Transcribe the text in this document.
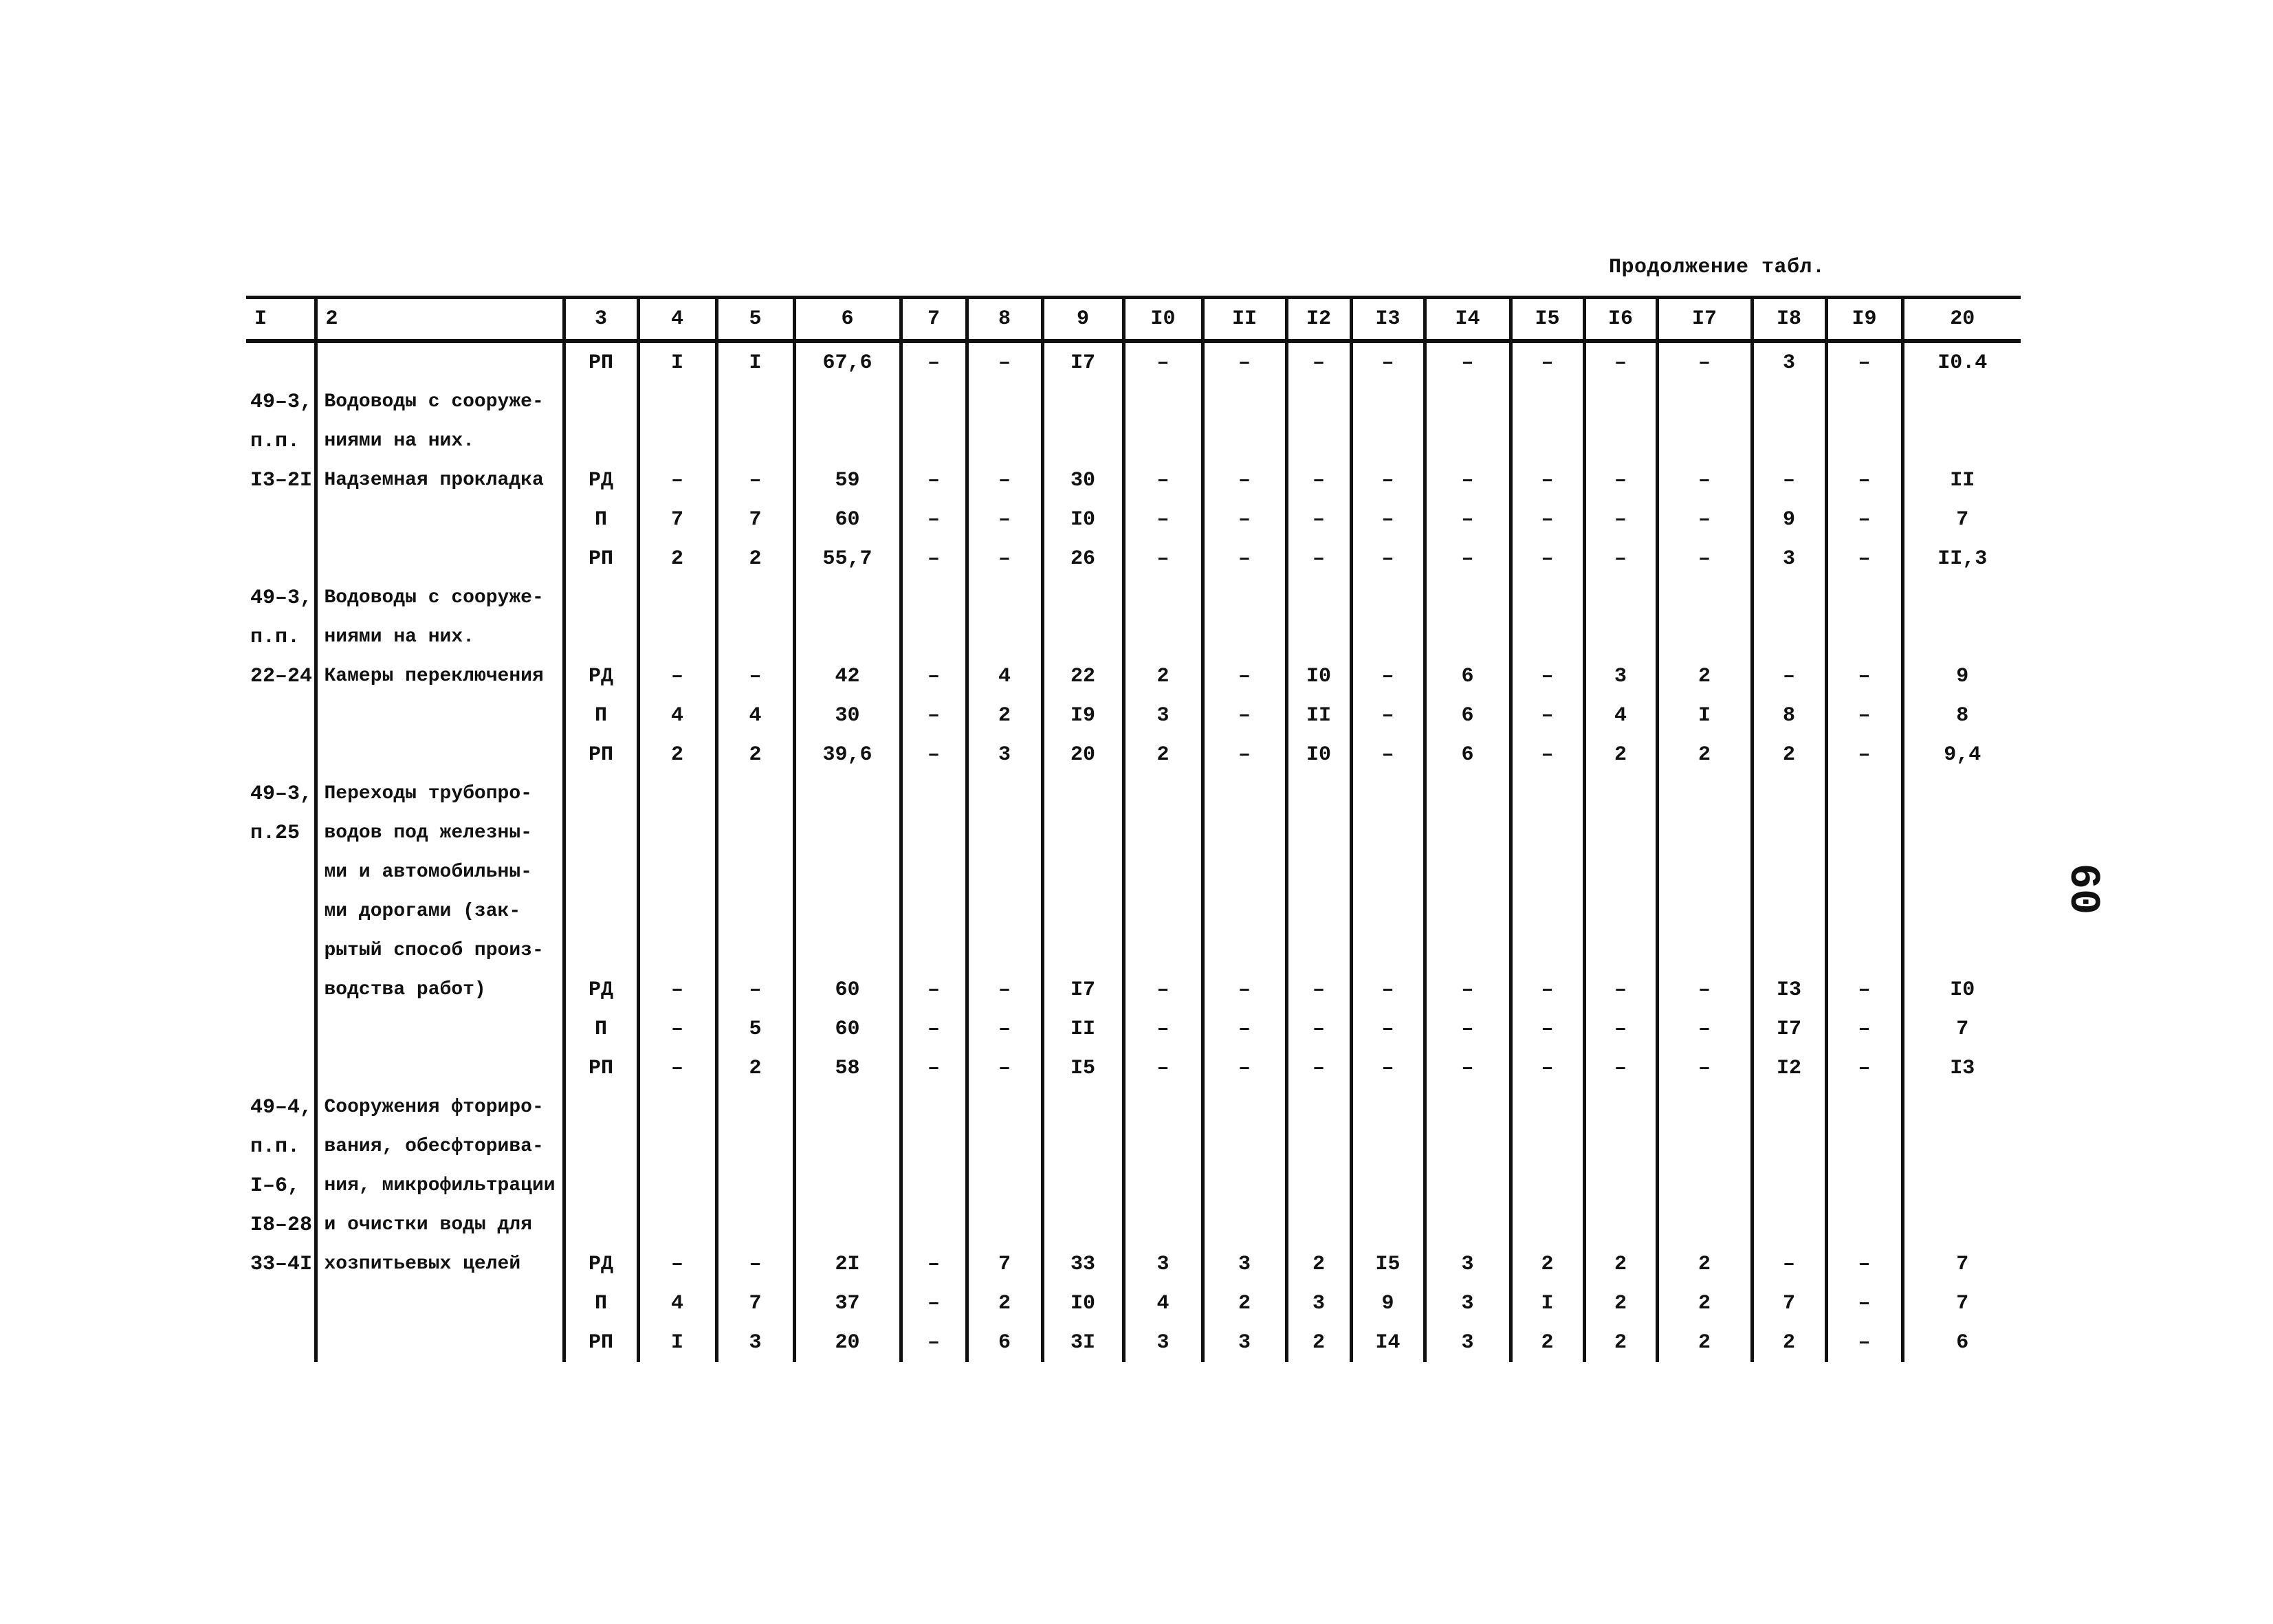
Продолжение табл.
I	2	3	4	5	6	7	8	9	I0	II	I2	I3	I4	I5	I6	I7	I8	I9	20
		РП	I	I	67,6	–	–	I7	–	–	–	–	–	–	–	–	3	–	I0.4
49–3,	Водоводы с сооруже-																		
п.п.	ниями на них.																		
I3–2I	Надземная прокладка	РД	–	–	59	–	–	30	–	–	–	–	–	–	–	–	–	–	II
		П	7	7	60	–	–	I0	–	–	–	–	–	–	–	–	9	–	7
		РП	2	2	55,7	–	–	26	–	–	–	–	–	–	–	–	3	–	II,3
49–3,	Водоводы с сооруже-																		
п.п.	ниями на них.																		
22–24	Камеры переключения	РД	–	–	42	–	4	22	2	–	I0	–	6	–	3	2	–	–	9
		П	4	4	30	–	2	I9	3	–	II	–	6	–	4	I	8	–	8
		РП	2	2	39,6	–	3	20	2	–	I0	–	6	–	2	2	2	–	9,4
49–3,	Переходы трубопро-																		
п.25	водов под железны-																		
	ми и автомобильны-																		
	ми дорогами (зак-																		
	рытый способ произ-																		
	водства работ)	РД	–	–	60	–	–	I7	–	–	–	–	–	–	–	–	I3	–	I0
		П	–	5	60	–	–	II	–	–	–	–	–	–	–	–	I7	–	7
		РП	–	2	58	–	–	I5	–	–	–	–	–	–	–	–	I2	–	I3
49–4,	Сооружения фториро-																		
п.п.	вания, обесфторива-																		
I–6,	ния, микрофильтрации																		
I8–28	и очистки воды для																		
33–4I	хозпитьевых целей	РД	–	–	2I	–	7	33	3	3	2	I5	3	2	2	2	–	–	7
		П	4	7	37	–	2	I0	4	2	3	9	3	I	2	2	7	–	7
		РП	I	3	20	–	6	3I	3	3	2	I4	3	2	2	2	2	–	6
60
